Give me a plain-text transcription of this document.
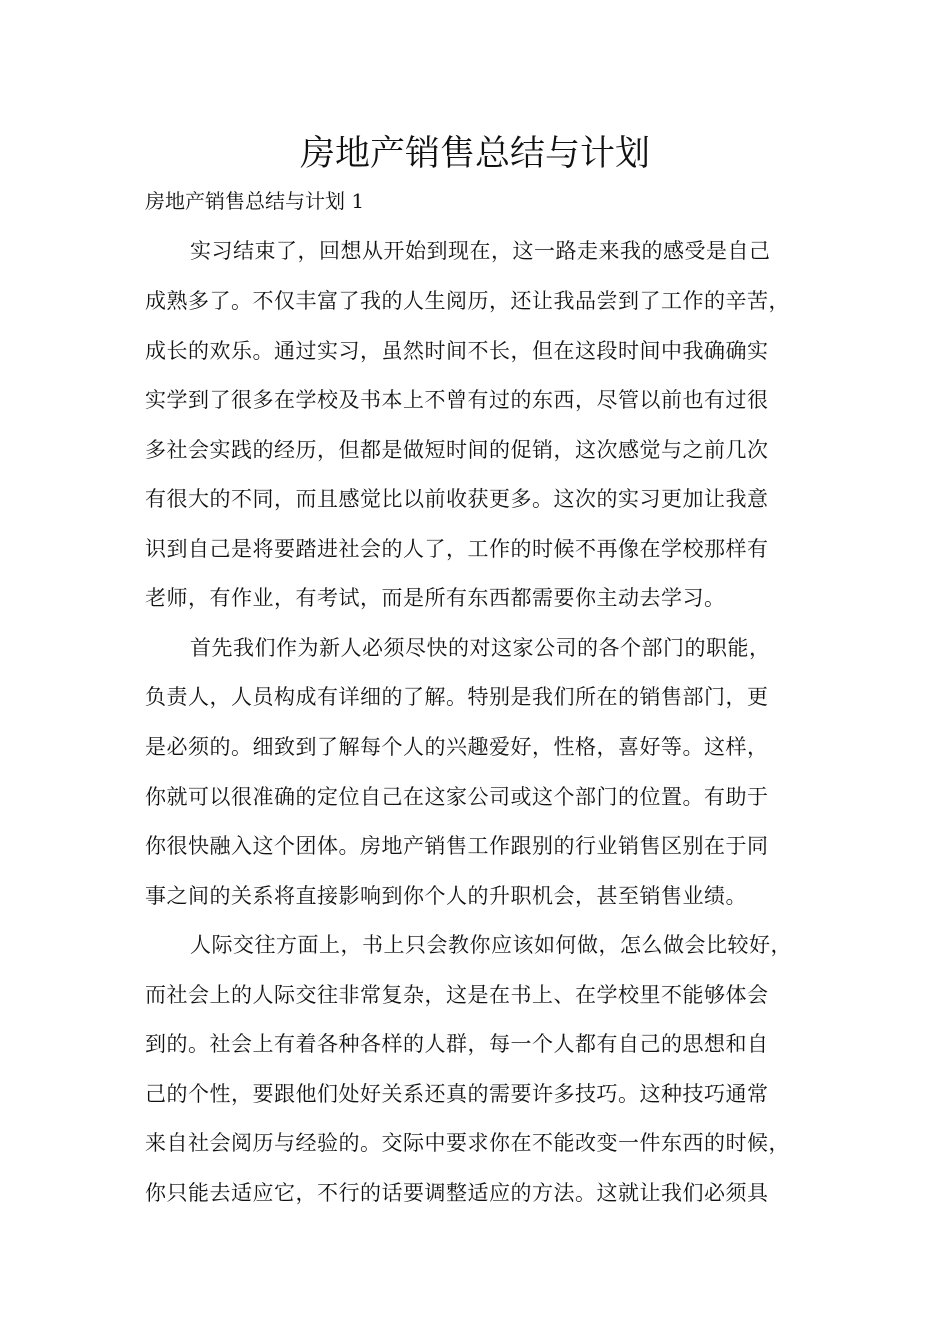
房地产销售总结与计划

房地产销售总结与计划 1

实习结束了，回想从开始到现在，这一路走来我的感受是自己

成熟多了。不仅丰富了我的人生阅历，还让我品尝到了工作的辛苦，

成长的欢乐。通过实习，虽然时间不长，但在这段时间中我确确实

实学到了很多在学校及书本上不曾有过的东西，尽管以前也有过很

多社会实践的经历，但都是做短时间的促销，这次感觉与之前几次

有很大的不同，而且感觉比以前收获更多。这次的实习更加让我意

识到自己是将要踏进社会的人了，工作的时候不再像在学校那样有

老师，有作业，有考试，而是所有东西都需要你主动去学习。

首先我们作为新人必须尽快的对这家公司的各个部门的职能，

负责人，人员构成有详细的了解。特别是我们所在的销售部门，更

是必须的。细致到了解每个人的兴趣爱好，性格，喜好等。这样，

你就可以很准确的定位自己在这家公司或这个部门的位置。有助于

你很快融入这个团体。房地产销售工作跟别的行业销售区别在于同

事之间的关系将直接影响到你个人的升职机会，甚至销售业绩。

人际交往方面上，书上只会教你应该如何做，怎么做会比较好，

而社会上的人际交往非常复杂，这是在书上、在学校里不能够体会

到的。社会上有着各种各样的人群，每一个人都有自己的思想和自

己的个性，要跟他们处好关系还真的需要许多技巧。这种技巧通常

来自社会阅历与经验的。交际中要求你在不能改变一件东西的时候，

你只能去适应它，不行的话要调整适应的方法。这就让我们必须具
